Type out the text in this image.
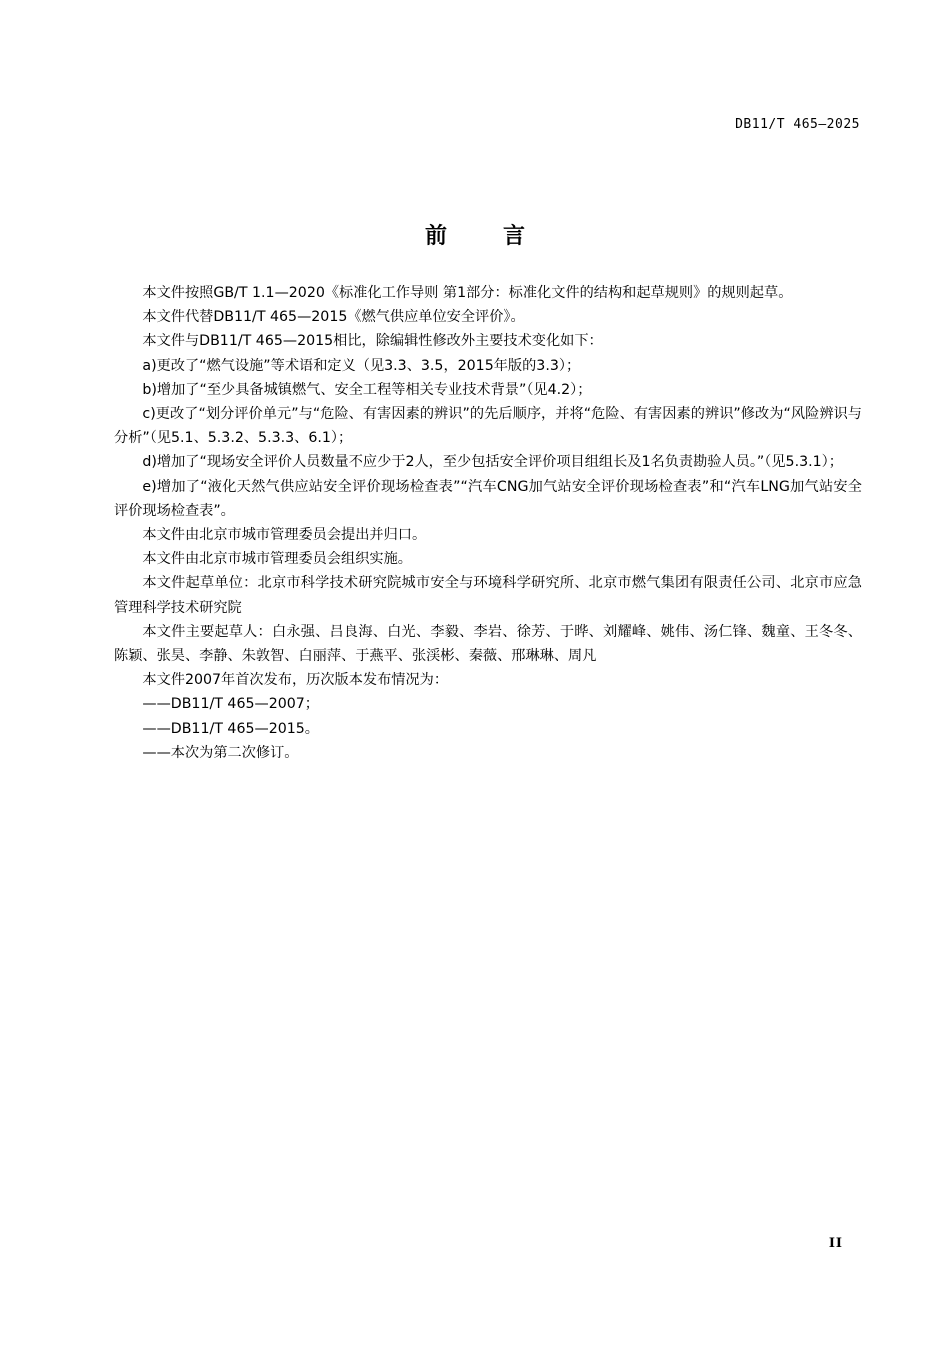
DB11/T 465—2025
前言

本文件按照GB/T 1.1—2020《标准化工作导则 第1部分：标准化文件的结构和起草规则》的规则起草。

本文件代替DB11/T 465—2015《燃气供应单位安全评价》。

本文件与DB11/T 465—2015相比，除编辑性修改外主要技术变化如下：

a)更改了“燃气设施”等术语和定义（见3.3、3.5，2015年版的3.3）；

b)增加了“至少具备城镇燃气、安全工程等相关专业技术背景”（见4.2）；

c)更改了“划分评价单元”与“危险、有害因素的辨识”的先后顺序，并将“危险、有害因素的辨识”修改为“风险辨识与分析”（见5.1、5.3.2、5.3.3、6.1）；

d)增加了“现场安全评价人员数量不应少于2人，至少包括安全评价项目组组长及1名负责勘验人员。”（见5.3.1）；

e)增加了“液化天然气供应站安全评价现场检查表”“汽车CNG加气站安全评价现场检查表”和“汽车LNG加气站安全评价现场检查表”。

本文件由北京市城市管理委员会提出并归口。

本文件由北京市城市管理委员会组织实施。

本文件起草单位：北京市科学技术研究院城市安全与环境科学研究所、北京市燃气集团有限责任公司、北京市应急管理科学技术研究院

本文件主要起草人：白永强、吕良海、白光、李毅、李岩、徐芳、于晔、刘耀峰、姚伟、汤仁锋、魏童、王冬冬、陈颖、张昊、李静、朱敦智、白丽萍、于燕平、张渓彬、秦薇、邢琳琳、周凡

本文件2007年首次发布，历次版本发布情况为：

——DB11/T 465—2007；

——DB11/T 465—2015。

——本次为第二次修订。

II
